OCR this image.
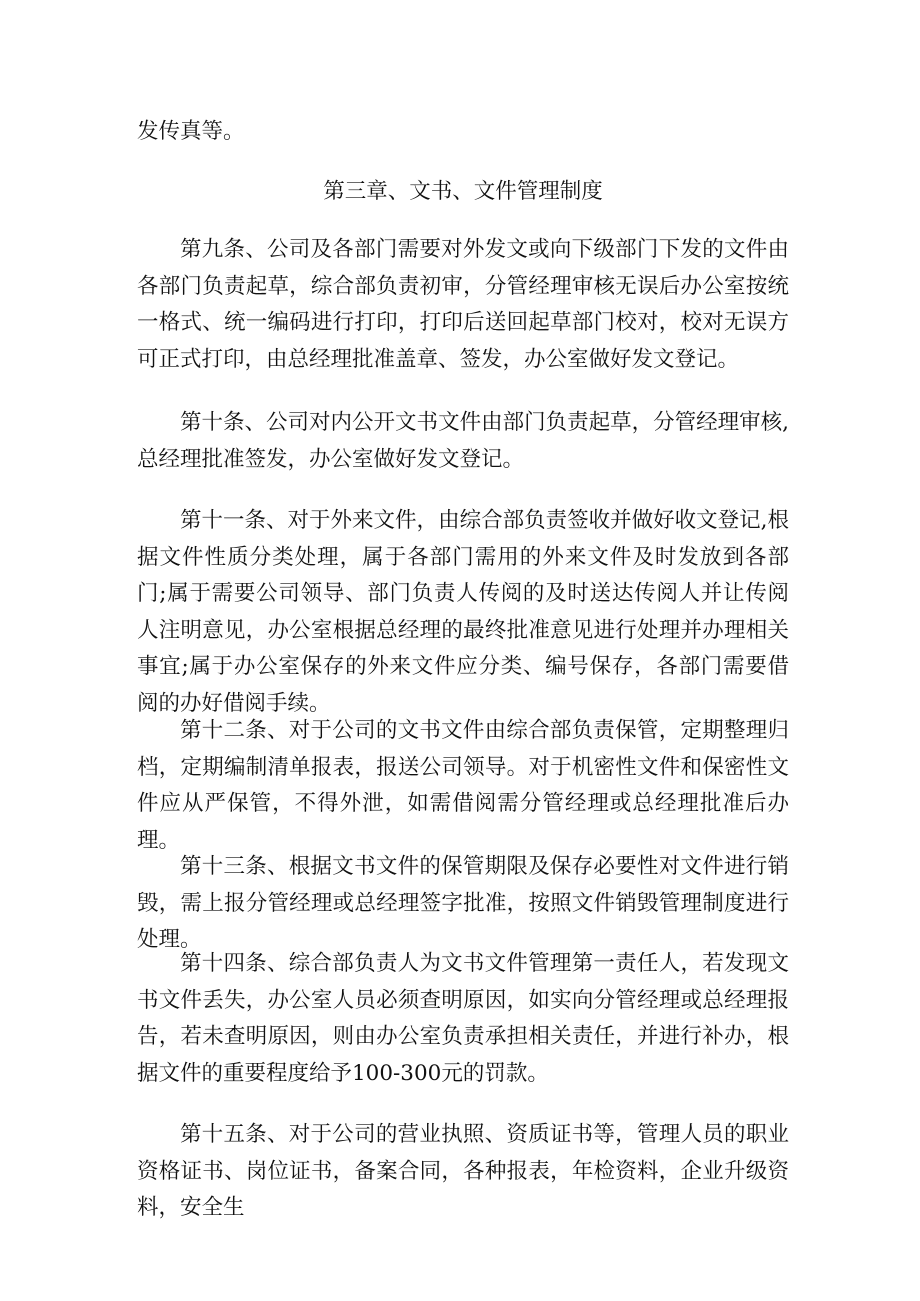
发传真等。

第三章、文书、文件管理制度

第九条、公司及各部门需要对外发文或向下级部门下发的文件由各部门负责起草，综合部负责初审，分管经理审核无误后办公室按统一格式、统一编码进行打印，打印后送回起草部门校对，校对无误方可正式打印，由总经理批准盖章、签发，办公室做好发文登记。

第十条、公司对内公开文书文件由部门负责起草，分管经理审核,总经理批准签发，办公室做好发文登记。

第十一条、对于外来文件，由综合部负责签收并做好收文登记,根据文件性质分类处理，属于各部门需用的外来文件及时发放到各部门;属于需要公司领导、部门负责人传阅的及时送达传阅人并让传阅人注明意见，办公室根据总经理的最终批准意见进行处理并办理相关事宜;属于办公室保存的外来文件应分类、编号保存，各部门需要借阅的办好借阅手续。

第十二条、对于公司的文书文件由综合部负责保管，定期整理归档，定期编制清单报表，报送公司领导。对于机密性文件和保密性文件应从严保管，不得外泄，如需借阅需分管经理或总经理批准后办理。

第十三条、根据文书文件的保管期限及保存必要性对文件进行销毁，需上报分管经理或总经理签字批准，按照文件销毁管理制度进行处理。

第十四条、综合部负责人为文书文件管理第一责任人，若发现文书文件丢失，办公室人员必须查明原因，如实向分管经理或总经理报告，若未查明原因，则由办公室负责承担相关责任，并进行补办，根据文件的重要程度给予100-300元的罚款。

第十五条、对于公司的营业执照、资质证书等，管理人员的职业资格证书、岗位证书，备案合同，各种报表，年检资料，企业升级资料，安全生
